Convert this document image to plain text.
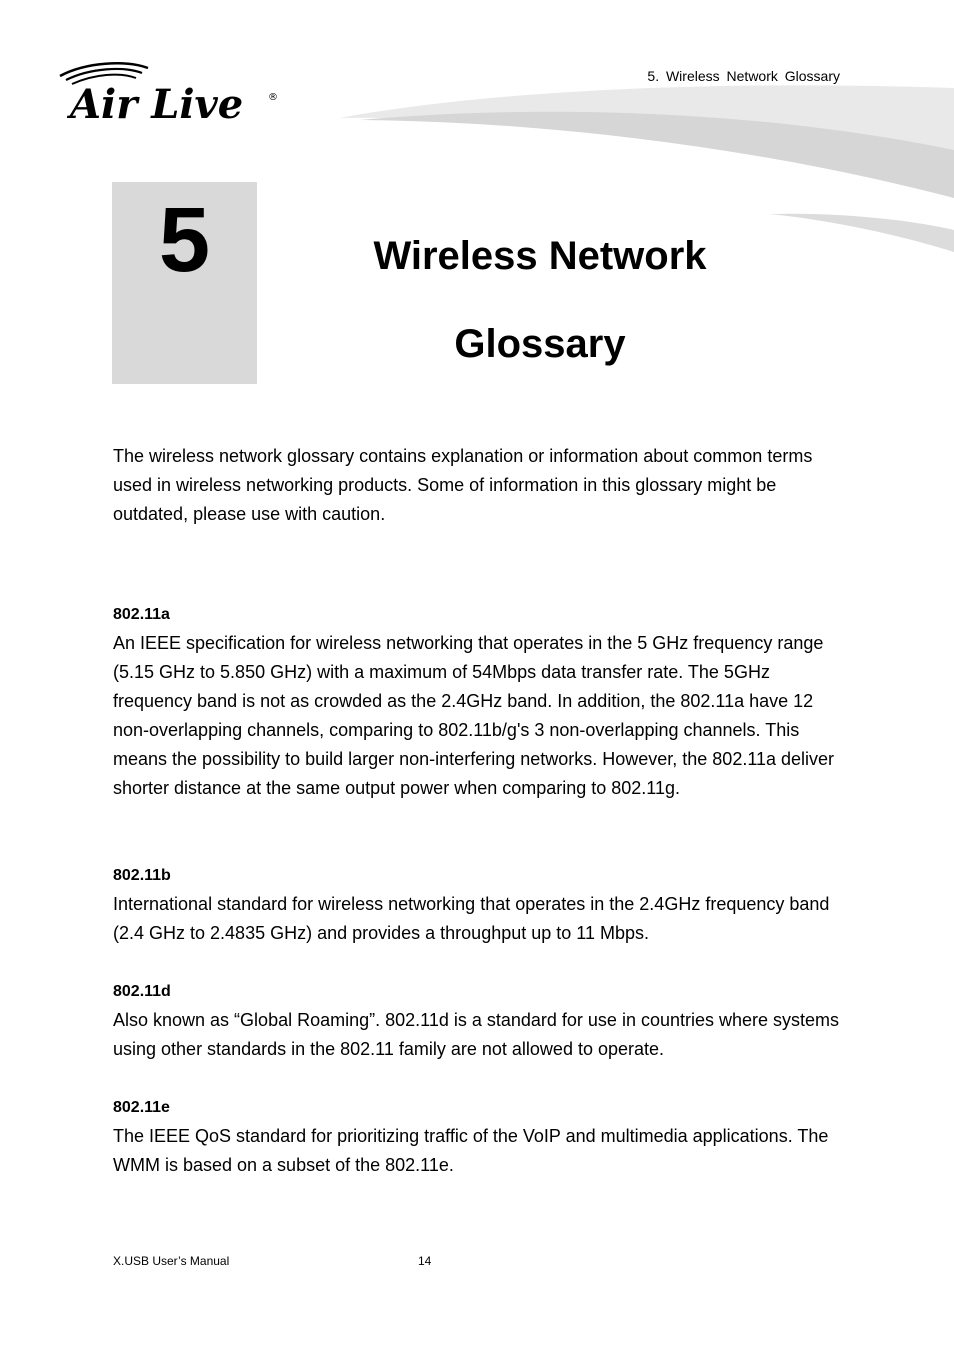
5. Wireless Network Glossary
Air Live ®
5	Wireless Network
Glossary

The wireless network glossary contains explanation or information about common terms used in wireless networking products. Some of information in this glossary might be outdated, please use with caution.

802.11a

An IEEE specification for wireless networking that operates in the 5 GHz frequency range (5.15 GHz to 5.850 GHz) with a maximum of 54Mbps data transfer rate. The 5GHz frequency band is not as crowded as the 2.4GHz band. In addition, the 802.11a have 12 non-overlapping channels, comparing to 802.11b/g's 3 non-overlapping channels. This means the possibility to build larger non-interfering networks. However, the 802.11a deliver shorter distance at the same output power when comparing to 802.11g.

802.11b

International standard for wireless networking that operates in the 2.4GHz frequency band (2.4 GHz to 2.4835 GHz) and provides a throughput up to 11 Mbps.

802.11d

Also known as “Global Roaming”. 802.11d is a standard for use in countries where systems using other standards in the 802.11 family are not allowed to operate.

802.11e

The IEEE QoS standard for prioritizing traffic of the VoIP and multimedia applications. The WMM is based on a subset of the 802.11e.

X.USB User’s Manual	14
